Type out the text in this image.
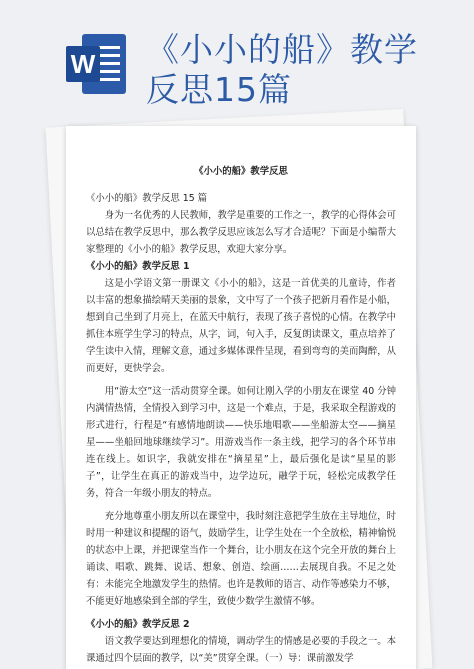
W 《小小的船》教学
反思15篇
《小小的船》教学反思
《小小的船》教学反思 15 篇
身为一名优秀的人民教师，教学是重要的工作之一，教学的心得体会可以总结在教学反思中，那么教学反思应该怎么写才合适呢？下面是小编帮大家整理的《小小的船》教学反思，欢迎大家分享。
《小小的船》教学反思 1
这是小学语文第一册课文《小小的船》，这是一首优美的儿童诗，作者以丰富的想象描绘晴天美丽的景象，文中写了一个孩子把新月看作是小船，想到自己坐到了月亮上，在蓝天中航行，表现了孩子喜悦的心情。在教学中抓住本班学生学习的特点，从字，词，句入手，反复朗读课文，重点培养了学生读中入情，理解文意，通过多媒体课件呈现，看到弯弯的美而陶醉，从而更好，更快学会。
用“游太空”这一活动贯穿全课。如何让刚入学的小朋友在课堂 40 分钟内满情热情，全情投入到学习中，这是一个难点，于是，我采取全程游戏的形式进行，行程是“有感情地朗读——快乐地唱歌——坐船游太空——摘星星——坐船回地球继续学习”。用游戏当作一条主线，把学习的各个环节串连在线上。如识字，我就安排在“摘星星”上，最后强化是读“星星的影子”，让学生在真正的游戏当中，边学边玩，融学于玩，轻松完成教学任务，符合一年级小朋友的特点。
充分地尊重小朋友所以在课堂中，我时刻注意把学生放在主导地位，时时用一种建议和提醒的语气，鼓励学生，让学生处在一个全放松，精神愉悦的状态中上课，并把课堂当作一个舞台，让小朋友在这个完全开放的舞台上诵读、唱歌、跳舞、说话、想象、创造、绘画……去展现自我。不足之处有：未能完全地激发学生的热情。也许是教师的语言、动作等感染力不够，不能更好地感染到全部的学生，致使少数学生激情不够。
《小小的船》教学反思 2
语文教学要达到理想化的情境，调动学生的情感是必要的手段之一。本课通过四个层面的教学，以“美”贯穿全课。（一）导：课前激发学
